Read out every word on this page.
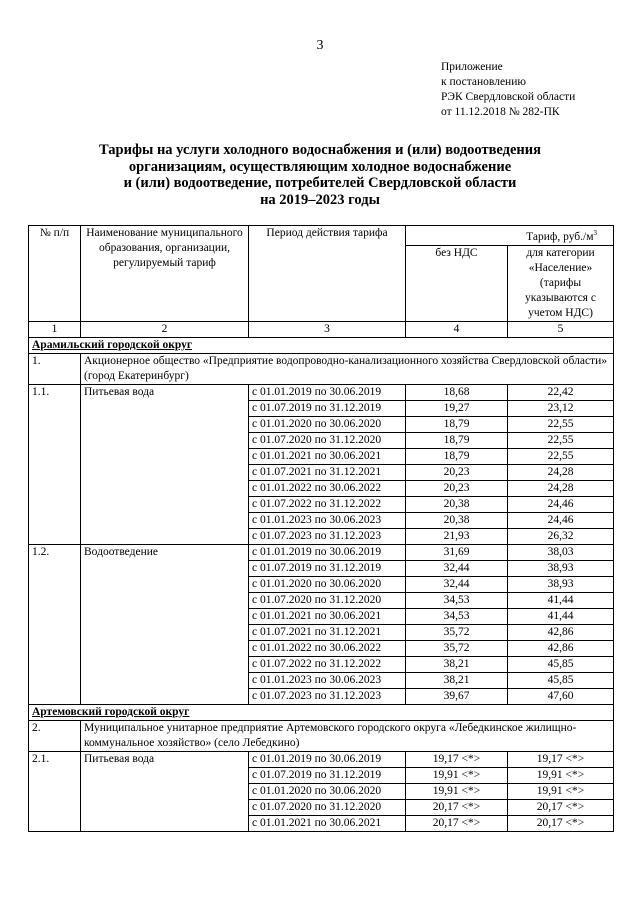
3
Приложение
к постановлению
РЭК Свердловской области
от 11.12.2018 № 282-ПК
Тарифы на услуги холодного водоснабжения и (или) водоотведения
организациям, осуществляющим холодное водоснабжение
и (или) водоотведение, потребителей Свердловской области
на 2019–2023 годы
№ п/п	Наименование муниципального образования, организации, регулируемый тариф	Период действия тарифа	Тариф, $руб./м^3$
			без НДС	для категории «Население» (тарифы указываются с учетом НДС)
1	2	3	4	5
Арамильский городской округ				
1.	Акционерное общество «Предприятие водопроводно-канализационного хозяйства Свердловской области» (город Екатеринбург)			
1.1.	Питьевая вода	с 01.01.2019 по 30.06.2019	18,68	22,42
		с 01.07.2019 по 31.12.2019	19,27	23,12
		с 01.01.2020 по 30.06.2020	18,79	22,55
		с 01.07.2020 по 31.12.2020	18,79	22,55
		с 01.01.2021 по 30.06.2021	18,79	22,55
		с 01.07.2021 по 31.12.2021	20,23	24,28
		с 01.01.2022 по 30.06.2022	20,23	24,28
		с 01.07.2022 по 31.12.2022	20,38	24,46
		с 01.01.2023 по 30.06.2023	20,38	24,46
		с 01.07.2023 по 31.12.2023	21,93	26,32
1.2.	Водоотведение	с 01.01.2019 по 30.06.2019	31,69	38,03
		с 01.07.2019 по 31.12.2019	32,44	38,93
		с 01.01.2020 по 30.06.2020	32,44	38,93
		с 01.07.2020 по 31.12.2020	34,53	41,44
		с 01.01.2021 по 30.06.2021	34,53	41,44
		с 01.07.2021 по 31.12.2021	35,72	42,86
		с 01.01.2022 по 30.06.2022	35,72	42,86
		с 01.07.2022 по 31.12.2022	38,21	45,85
		с 01.01.2023 по 30.06.2023	38,21	45,85
		с 01.07.2023 по 31.12.2023	39,67	47,60
Артемовский городской округ				
2.	Муниципальное унитарное предприятие Артемовского городского округа «Лебедкинское жилищно-коммунальное хозяйство» (село Лебедкино)			
2.1.	Питьевая вода	с 01.01.2019 по 30.06.2019	19,17 <*>	19,17 <*>
		с 01.07.2019 по 31.12.2019	19,91 <*>	19,91 <*>
		с 01.01.2020 по 30.06.2020	19,91 <*>	19,91 <*>
		с 01.07.2020 по 31.12.2020	20,17 <*>	20,17 <*>
		с 01.01.2021 по 30.06.2021	20,17 <*>	20,17 <*>
